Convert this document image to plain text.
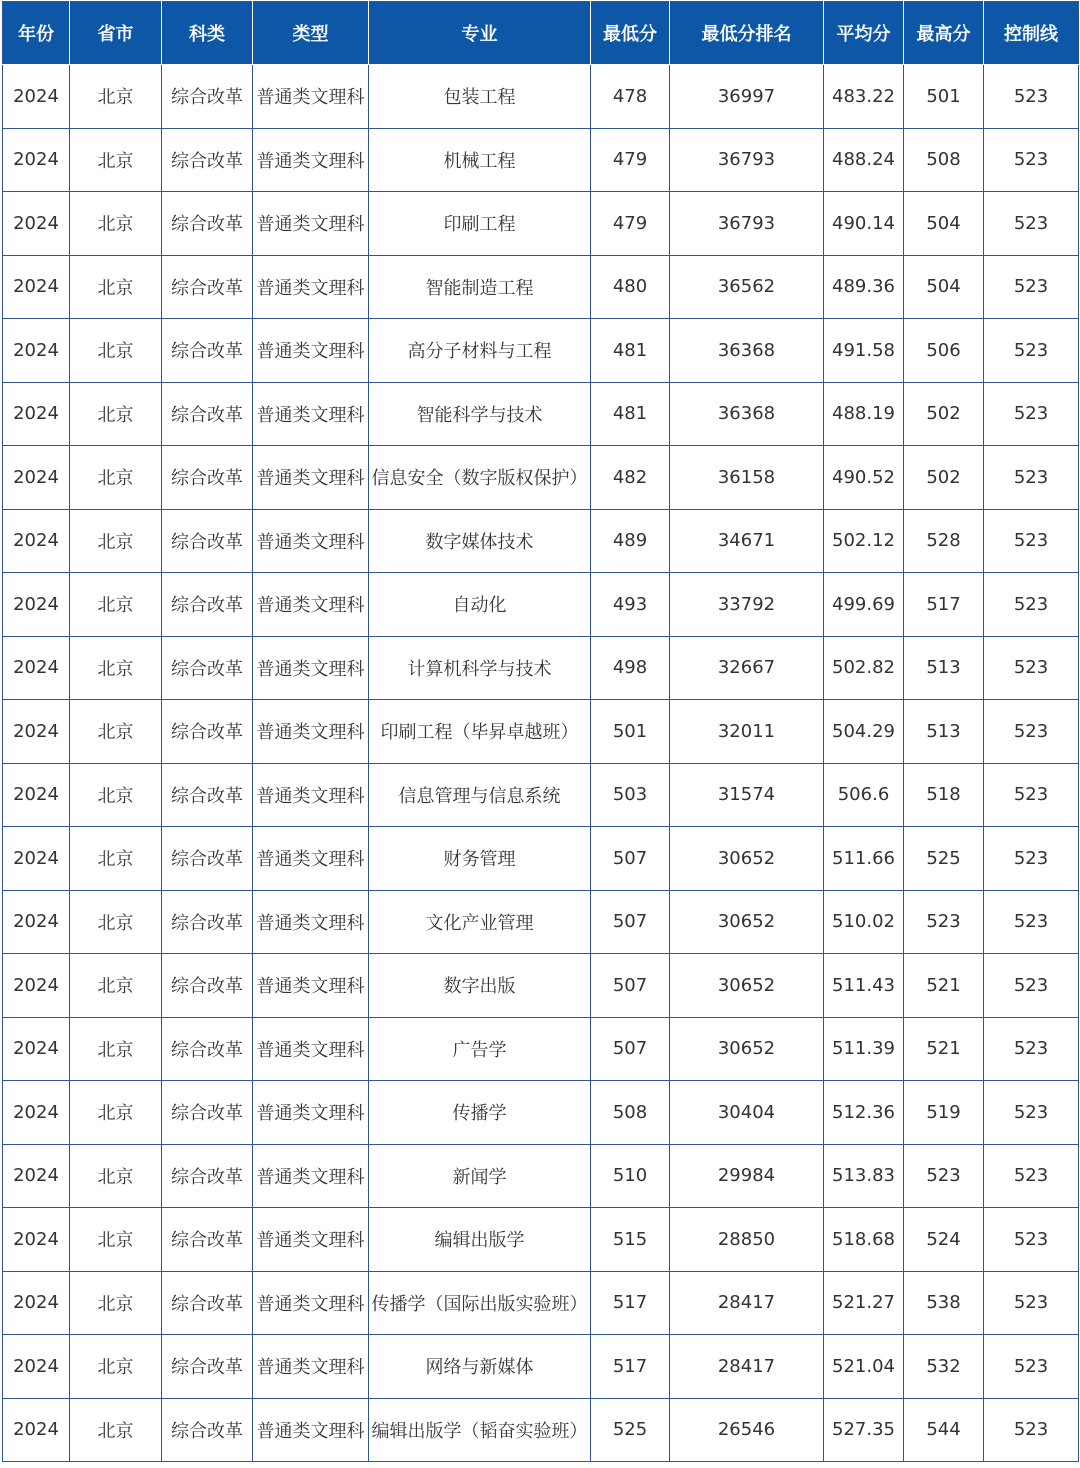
年份	省市	科类	类型	专业	最低分	最低分排名	平均分	最高分	控制线
2024	北京	综合改革	普通类文理科	包装工程	478	36997	483.22	501	523
2024	北京	综合改革	普通类文理科	机械工程	479	36793	488.24	508	523
2024	北京	综合改革	普通类文理科	印刷工程	479	36793	490.14	504	523
2024	北京	综合改革	普通类文理科	智能制造工程	480	36562	489.36	504	523
2024	北京	综合改革	普通类文理科	高分子材料与工程	481	36368	491.58	506	523
2024	北京	综合改革	普通类文理科	智能科学与技术	481	36368	488.19	502	523
2024	北京	综合改革	普通类文理科	信息安全（数字版权保护）	482	36158	490.52	502	523
2024	北京	综合改革	普通类文理科	数字媒体技术	489	34671	502.12	528	523
2024	北京	综合改革	普通类文理科	自动化	493	33792	499.69	517	523
2024	北京	综合改革	普通类文理科	计算机科学与技术	498	32667	502.82	513	523
2024	北京	综合改革	普通类文理科	印刷工程（毕昇卓越班）	501	32011	504.29	513	523
2024	北京	综合改革	普通类文理科	信息管理与信息系统	503	31574	506.6	518	523
2024	北京	综合改革	普通类文理科	财务管理	507	30652	511.66	525	523
2024	北京	综合改革	普通类文理科	文化产业管理	507	30652	510.02	523	523
2024	北京	综合改革	普通类文理科	数字出版	507	30652	511.43	521	523
2024	北京	综合改革	普通类文理科	广告学	507	30652	511.39	521	523
2024	北京	综合改革	普通类文理科	传播学	508	30404	512.36	519	523
2024	北京	综合改革	普通类文理科	新闻学	510	29984	513.83	523	523
2024	北京	综合改革	普通类文理科	编辑出版学	515	28850	518.68	524	523
2024	北京	综合改革	普通类文理科	传播学（国际出版实验班）	517	28417	521.27	538	523
2024	北京	综合改革	普通类文理科	网络与新媒体	517	28417	521.04	532	523
2024	北京	综合改革	普通类文理科	编辑出版学（韬奋实验班）	525	26546	527.35	544	523
